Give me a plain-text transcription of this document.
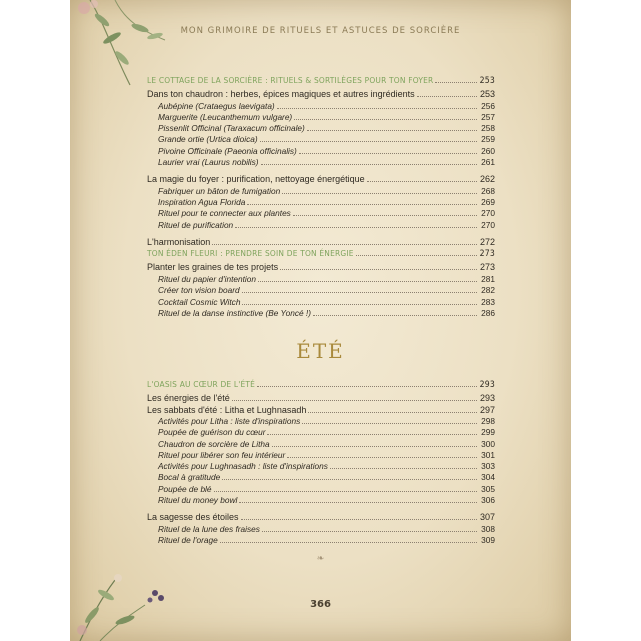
MON GRIMOIRE DE RITUELS ET ASTUCES DE SORCIÈRE
LE COTTAGE DE LA SORCIÈRE : RITUELS & SORTILÈGES POUR TON FOYER	253
Dans ton chaudron : herbes, épices magiques et autres ingrédients	253
Aubépine (Crataegus laevigata)	256
Marguerite (Leucanthemum vulgare)	257
Pissenlit Officinal (Taraxacum officinale)	258
Grande ortie (Urtica dioica)	259
Pivoine Officinale (Paeonia officinalis)	260
Laurier vrai (Laurus nobilis)	261
La magie du foyer : purification, nettoyage énergétique	262
Fabriquer un bâton de fumigation	268
Inspiration Agua Florida	269
Rituel pour te connecter aux plantes	270
Rituel de purification	270
L'harmonisation	272
TON ÉDEN FLEURI : PRENDRE SOIN DE TON ÉNERGIE	273
Planter les graines de tes projets	273
Rituel du papier d'intention	281
Créer ton vision board	282
Cocktail Cosmic Witch	283
Rituel de la danse instinctive (Be Yoncé !)	286
ÉTÉ
L'OASIS AU CŒUR DE L'ÉTÉ	293
Les énergies de l'été	293
Les sabbats d'été : Litha et Lughnasadh	297
Activités pour Litha : liste d'inspirations	298
Poupée de guérison du cœur	299
Chaudron de sorcière de Litha	300
Rituel pour libérer son feu intérieur	301
Activités pour Lughnasadh : liste d'inspirations	303
Bocal à gratitude	304
Poupée de blé	305
Rituel du money bowl	306
La sagesse des étoiles	307
Rituel de la lune des fraises	308
Rituel de l'orage	309
❧
366
